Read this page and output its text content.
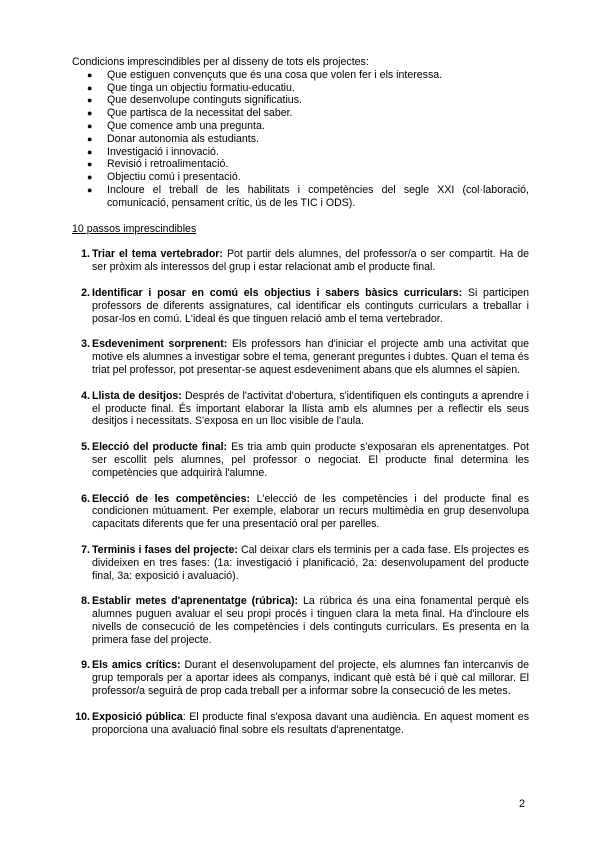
Condicions imprescindibles per al disseny de tots els projectes:

● Que estiguen convençuts que és una cosa que volen fer i els interessa.
● Que tinga un objectiu formatiu-educatiu.
● Que desenvolupe continguts significatius.
● Que partisca de la necessitat del saber.
● Que comence amb una pregunta.
● Donar autonomia als estudiants.
● Investigació i innovació.
● Revisió i retroalimentació.
● Objectiu comú i presentació.
● Incloure el treball de les habilitats i competències del segle XXI (col·laboració, comunicació, pensament crític, ús de les TIC i ODS).
10 passos imprescindibles
1. Triar el tema vertebrador: Pot partir dels alumnes, del professor/a o ser compartit. Ha de ser pròxim als interessos del grup i estar relacionat amb el producte final.
2. Identificar i posar en comú els objectius i sabers bàsics curriculars: Si participen professors de diferents assignatures, cal identificar els continguts curriculars a treballar i posar-los en comú. L'ideal és que tinguen relació amb el tema vertebrador.
3. Esdeveniment sorprenent: Els professors han d'iniciar el projecte amb una activitat que motive els alumnes a investigar sobre el tema, generant preguntes i dubtes. Quan el tema és triat pel professor, pot presentar-se aquest esdeveniment abans que els alumnes el sàpien.
4. Llista de desitjos: Després de l'activitat d'obertura, s'identifiquen els continguts a aprendre i el producte final. És important elaborar la llista amb els alumnes per a reflectir els seus desitjos i necessitats. S'exposa en un lloc visible de l'aula.
5. Elecció del producte final: Es tria amb quin producte s'exposaran els aprenentatges. Pot ser escollit pels alumnes, pel professor o negociat. El producte final determina les competències que adquirirà l'alumne.
6. Elecció de les competències: L'elecció de les competències i del producte final es condicionen mútuament. Per exemple, elaborar un recurs multimèdia en grup desenvolupa capacitats diferents que fer una presentació oral per parelles.
7. Terminis i fases del projecte: Cal deixar clars els terminis per a cada fase. Els projectes es divideixen en tres fases: (1a: investigació i planificació, 2a: desenvolupament del producte final, 3a: exposició i avaluació).
8. Establir metes d'aprenentatge (rúbrica): La rúbrica és una eina fonamental perquè els alumnes puguen avaluar el seu propi procés i tinguen clara la meta final. Ha d'incloure els nivells de consecució de les competències i dels continguts curriculars. Es presenta en la primera fase del projecte.
9. Els amics crítics: Durant el desenvolupament del projecte, els alumnes fan intercanvis de grup temporals per a aportar idees als companys, indicant què està bé i què cal millorar. El professor/a seguirà de prop cada treball per a informar sobre la consecució de les metes.
10. Exposició pública: El producte final s'exposa davant una audiència. En aquest moment es proporciona una avaluació final sobre els resultats d'aprenentatge.
2
